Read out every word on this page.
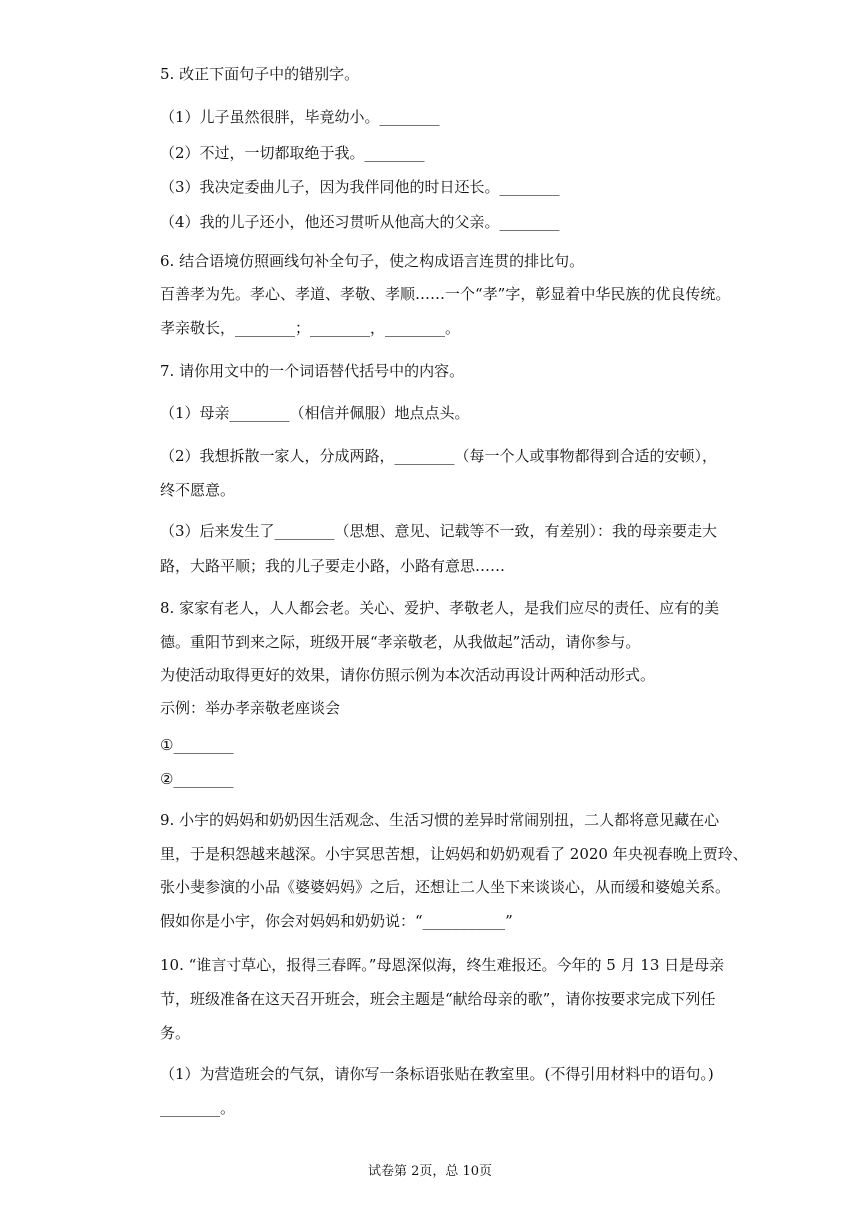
5. 改正下面句子中的错别字。
（1）儿子虽然很胖，毕竟幼小。________
（2）不过，一切都取绝于我。________
（3）我决定委曲儿子，因为我伴同他的时日还长。________
（4）我的儿子还小，他还习贯听从他高大的父亲。________
6. 结合语境仿照画线句补全句子，使之构成语言连贯的排比句。
百善孝为先。孝心、孝道、孝敬、孝顺……一个“孝”字，彰显着中华民族的优良传统。
孝亲敬长，________；________，________。
7. 请你用文中的一个词语替代括号中的内容。
（1）母亲________（相信并佩服）地点点头。
（2）我想拆散一家人，分成两路，________（每一个人或事物都得到合适的安顿），
终不愿意。
（3）后来发生了________（思想、意见、记载等不一致，有差别）：我的母亲要走大
路，大路平顺；我的儿子要走小路，小路有意思……
8. 家家有老人，人人都会老。关心、爱护、孝敬老人，是我们应尽的责任、应有的美
德。重阳节到来之际，班级开展“孝亲敬老，从我做起”活动，请你参与。
为使活动取得更好的效果，请你仿照示例为本次活动再设计两种活动形式。
示例：举办孝亲敬老座谈会
①________
②________
9. 小宇的妈妈和奶奶因生活观念、生活习惯的差异时常闹别扭，二人都将意见藏在心
里，于是积怨越来越深。小宇冥思苦想，让妈妈和奶奶观看了 2020 年央视春晚上贾玲、
张小斐参演的小品《婆婆妈妈》之后，还想让二人坐下来谈谈心，从而缓和婆媳关系。
假如你是小宇，你会对妈妈和奶奶说：“___________”
10. “谁言寸草心，报得三春晖。”母恩深似海，终生难报还。今年的 5 月 13 日是母亲
节，班级准备在这天召开班会，班会主题是“献给母亲的歌”，请你按要求完成下列任
务。
（1）为营造班会的气氛，请你写一条标语张贴在教室里。(不得引用材料中的语句。)
________。
试卷第 2页，总 10页
